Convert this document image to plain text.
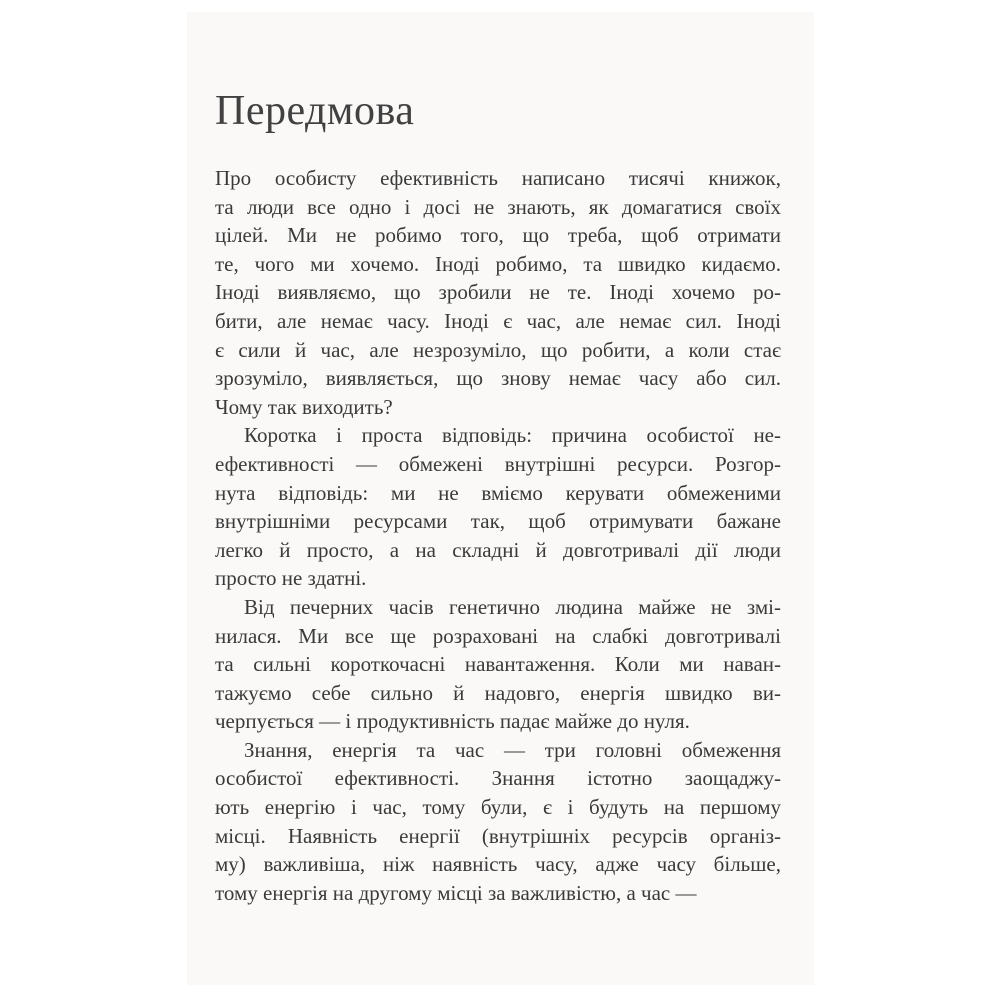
Передмова
Про особисту ефективність написано тисячі книжок,
та люди все одно і досі не знають, як домагатися своїх
цілей. Ми не робимо того, що треба, щоб отримати
те, чого ми хочемо. Іноді робимо, та швидко кидаємо.
Іноді виявляємо, що зробили не те. Іноді хочемо ро-
бити, але немає часу. Іноді є час, але немає сил. Іноді
є сили й час, але незрозуміло, що робити, а коли стає
зрозуміло, виявляється, що знову немає часу або сил.
Чому так виходить?
Коротка і проста відповідь: причина особистої не-
ефективності — обмежені внутрішні ресурси. Розгор-
нута відповідь: ми не вміємо керувати обмеженими
внутрішніми ресурсами так, щоб отримувати бажане
легко й просто, а на складні й довготривалі дії люди
просто не здатні.
Від печерних часів генетично людина майже не змі-
нилася. Ми все ще розраховані на слабкі довготривалі
та сильні короткочасні навантаження. Коли ми наван-
тажуємо себе сильно й надовго, енергія швидко ви-
черпується — і продуктивність падає майже до нуля.
Знання, енергія та час — три головні обмеження
особистої ефективності. Знання істотно заощаджу-
ють енергію і час, тому були, є і будуть на першому
місці. Наявність енергії (внутрішніх ресурсів організ-
му) важливіша, ніж наявність часу, адже часу більше,
тому енергія на другому місці за важливістю, а час —
